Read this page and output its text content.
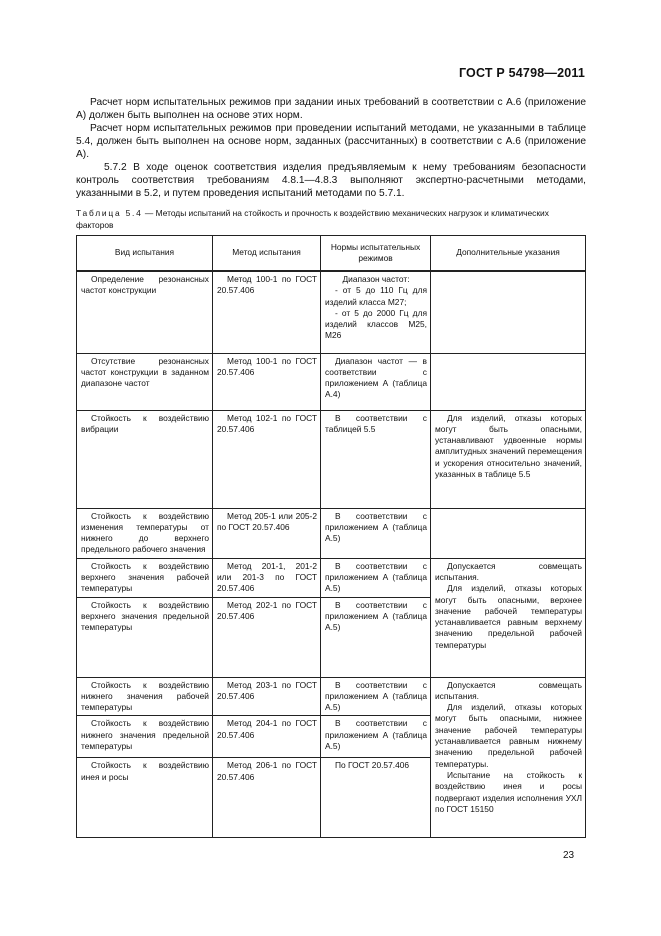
ГОСТ Р 54798—2011

Расчет норм испытательных режимов при задании иных требований в соответствии с А.6 (приложение А) должен быть выполнен на основе этих норм.

Расчет норм испытательных режимов при проведении испытаний методами, не указанными в таблице 5.4, должен быть выполнен на основе норм, заданных (рассчитанных) в соответствии с А.6 (приложение А).

5.7.2 В ходе оценок соответствия изделия предъявляемым к нему требованиям безопасности контроль соответствия требованиям 4.8.1—4.8.3 выполняют экспертно-расчетными методами, указанными в 5.2, и путем проведения испытаний методами по 5.7.1.

Таблица 5.4 — Методы испытаний на стойкость и прочность к воздействию механических нагрузок и климатических факторов
Вид испытания	Метод испытания	Нормы испытательных режимов	Дополнительные указания

Определение резонансных частот конструкции	Метод 100-1 по ГОСТ 20.57.406	Диапазон частот:
- от 5 до 110 Гц для изделий класса М27;
- от 5 до 2000 Гц для изделий классов М25, М26	

Отсутствие резонансных частот конструкции в заданном диапазоне частот	Метод 100-1 по ГОСТ 20.57.406	Диапазон частот — в соответствии с приложением А (таблица А.4)	

Стойкость к воздействию вибрации	Метод 102-1 по ГОСТ 20.57.406	В соответствии с таблицей 5.5	Для изделий, отказы которых могут быть опасными, устанавливают удвоенные нормы амплитудных значений перемещения и ускорения относительно значений, указанных в таблице 5.5

Стойкость к воздействию изменения температуры от нижнего до верхнего предельного рабочего значения	Метод 205-1 или 205-2 по ГОСТ 20.57.406	В соответствии с приложением А (таблица А.5)	

Стойкость к воздействию верхнего значения рабочей температуры	Метод 201-1, 201-2 или 201-3 по ГОСТ 20.57.406	В соответствии с приложением А (таблица А.5)	Допускается совмещать испытания.
Для изделий, отказы которых могут быть опасными, верхнее значение рабочей температуры устанавливается равным верхнему значению предельной рабочей температуры

Стойкость к воздействию верхнего значения предельной температуры	Метод 202-1 по ГОСТ 20.57.406	В соответствии с приложением А (таблица А.5)	

Стойкость к воздействию нижнего значения рабочей температуры	Метод 203-1 по ГОСТ 20.57.406	В соответствии с приложением А (таблица А.5)	Допускается совмещать испытания.
Для изделий, отказы которых могут быть опасными, нижнее значение рабочей температуры устанавливается равным нижнему значению предельной рабочей температуры.
Испытание на стойкость к воздействию инея и росы подвергают изделия исполнения УХЛ по ГОСТ 15150

Стойкость к воздействию нижнего значения предельной температуры	Метод 204-1 по ГОСТ 20.57.406	В соответствии с приложением А (таблица А.5)	

Стойкость к воздействию инея и росы	Метод 206-1 по ГОСТ 20.57.406	По ГОСТ 20.57.406	
23
